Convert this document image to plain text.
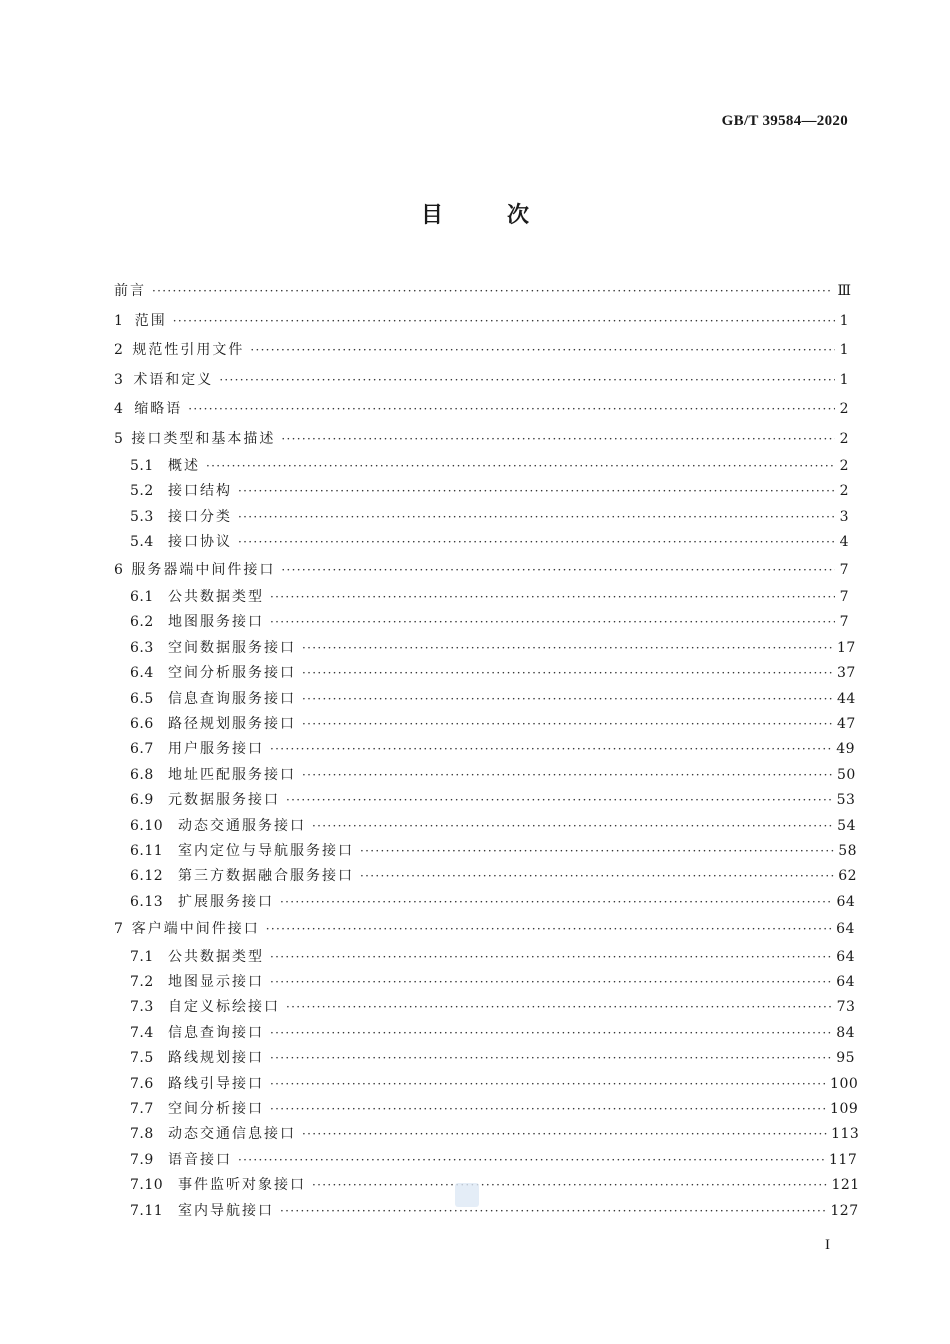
GB/T 39584—2020
目次
前言 ·····	Ⅲ
1 范围 ·····	1
2 规范性引用文件 ·····	1
3 术语和定义 ·····	1
4 缩略语 ·····	2
5 接口类型和基本描述 ·····	2
5.1	概述 ·····	2
5.2	接口结构 ·····	2
5.3	接口分类 ·····	3
5.4	接口协议 ·····	4
6 服务器端中间件接口 ·····	7
6.1	公共数据类型 ·····	7
6.2	地图服务接口 ·····	7
6.3	空间数据服务接口 ·····	17
6.4	空间分析服务接口 ·····	37
6.5	信息查询服务接口 ·····	44
6.6	路径规划服务接口 ·····	47
6.7	用户服务接口 ·····	49
6.8	地址匹配服务接口 ·····	50
6.9	元数据服务接口 ·····	53
6.10	动态交通服务接口 ·····	54
6.11	室内定位与导航服务接口 ·····	58
6.12	第三方数据融合服务接口 ·····	62
6.13	扩展服务接口 ·····	64
7 客户端中间件接口 ·····	64
7.1	公共数据类型 ·····	64
7.2	地图显示接口 ·····	64
7.3	自定义标绘接口 ·····	73
7.4	信息查询接口 ·····	84
7.5	路线规划接口 ·····	95
7.6	路线引导接口 ·····	100
7.7	空间分析接口 ·····	109
7.8	动态交通信息接口 ·····	113
7.9	语音接口 ·····	117
7.10	事件监听对象接口 ·····	121
7.11	室内导航接口 ·····	127
I
